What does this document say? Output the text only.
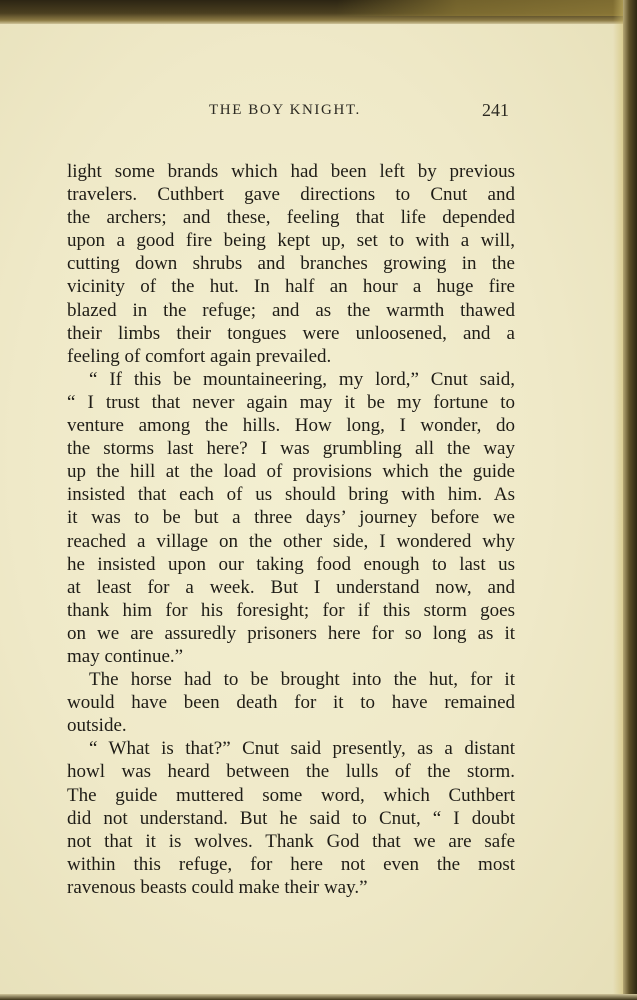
THE BOY KNIGHT.	241
light some brands which had been left by previous
travelers. Cuthbert gave directions to Cnut and
the archers; and these, feeling that life depended
upon a good fire being kept up, set to with a will,
cutting down shrubs and branches growing in the
vicinity of the hut. In half an hour a huge fire
blazed in the refuge; and as the warmth thawed
their limbs their tongues were unloosened, and a
feeling of comfort again prevailed.
“ If this be mountaineering, my lord,” Cnut said,
“ I trust that never again may it be my fortune to
venture among the hills. How long, I wonder, do
the storms last here? I was grumbling all the way
up the hill at the load of provisions which the guide
insisted that each of us should bring with him. As
it was to be but a three days’ journey before we
reached a village on the other side, I wondered why
he insisted upon our taking food enough to last us
at least for a week. But I understand now, and
thank him for his foresight; for if this storm goes
on we are assuredly prisoners here for so long as it
may continue.”
The horse had to be brought into the hut, for it
would have been death for it to have remained
outside.
“ What is that?” Cnut said presently, as a distant
howl was heard between the lulls of the storm.
The guide muttered some word, which Cuthbert
did not understand. But he said to Cnut, “ I doubt
not that it is wolves. Thank God that we are safe
within this refuge, for here not even the most
ravenous beasts could make their way.”
